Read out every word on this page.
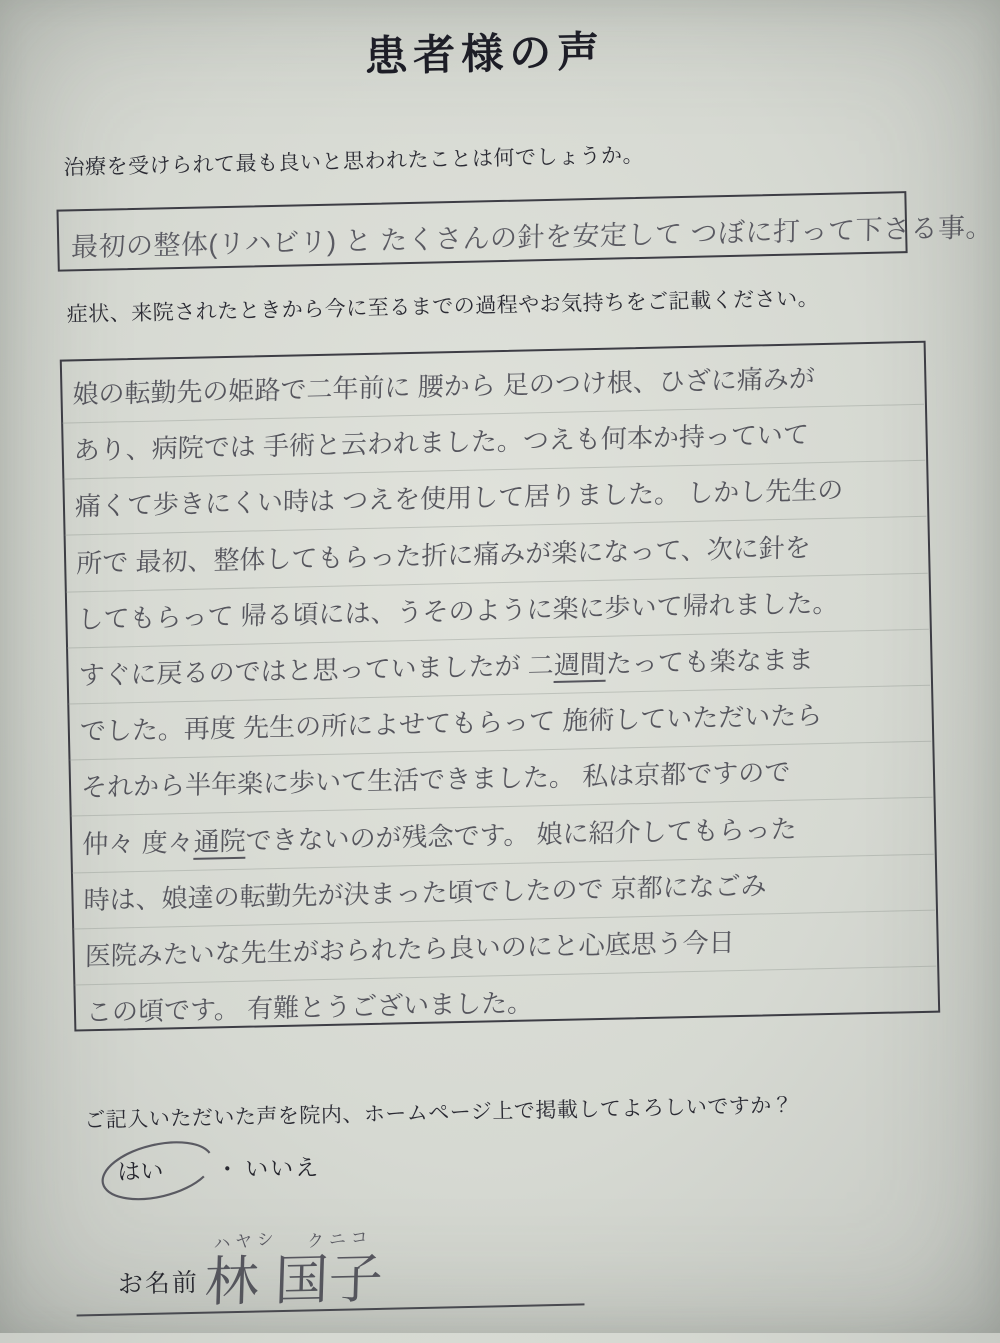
患者様の声
治療を受けられて最も良いと思われたことは何でしょうか。
最初の整体(リハビリ) と たくさんの針を安定して つぼに打って下さる事。
症状、来院されたときから今に至るまでの過程やお気持ちをご記載ください。
娘の転勤先の姫路で二年前に 腰から 足のつけ根、ひざに痛みが
あり、病院では 手術と云われました。つえも何本か持っていて
痛くて歩きにくい時は つえを使用して居りました。 しかし先生の
所で 最初、整体してもらった折に痛みが楽になって、次に針を
してもらって 帰る頃には、うそのように楽に歩いて帰れました。
すぐに戻るのではと思っていましたが 二週間たっても楽なまま
でした。再度 先生の所によせてもらって 施術していただいたら
それから半年楽に歩いて生活できました。 私は京都ですので
仲々 度々通院できないのが残念です。 娘に紹介してもらった
時は、娘達の転勤先が決まった頃でしたので 京都になごみ
医院みたいな先生がおられたら良いのにと心底思う今日
この頃です。 有難とうございました。
ご記入いただいた声を院内、ホームページ上で掲載してよろしいですか？
はい ・ いいえ
お名前
ハヤシ クニコ
林 国子
